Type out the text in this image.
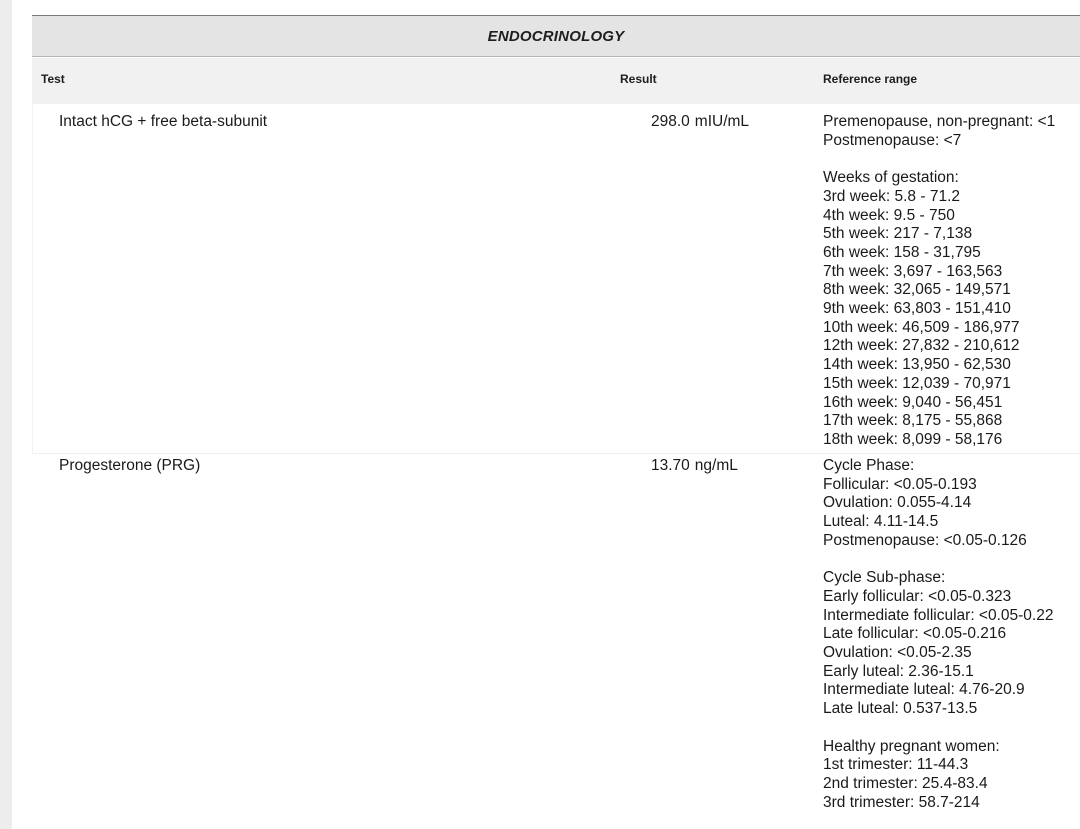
ENDOCRINOLOGY
Test	Result	Reference range
Intact hCG + free beta-subunit	298.0 mIU/mL	Premenopause, non-pregnant: <1
Postmenopause: <7
Weeks of gestation:
3rd week: 5.8 - 71.2
4th week: 9.5 - 750
5th week: 217 - 7,138
6th week: 158 - 31,795
7th week: 3,697 - 163,563
8th week: 32,065 - 149,571
9th week: 63,803 - 151,410
10th week: 46,509 - 186,977
12th week: 27,832 - 210,612
14th week: 13,950 - 62,530
15th week: 12,039 - 70,971
16th week: 9,040 - 56,451
17th week: 8,175 - 55,868
18th week: 8,099 - 58,176
Progesterone (PRG)	13.70 ng/mL	Cycle Phase:
Follicular: <0.05-0.193
Ovulation: 0.055-4.14
Luteal: 4.11-14.5
Postmenopause: <0.05-0.126
Cycle Sub-phase:
Early follicular: <0.05-0.323
Intermediate follicular: <0.05-0.22
Late follicular: <0.05-0.216
Ovulation: <0.05-2.35
Early luteal: 2.36-15.1
Intermediate luteal: 4.76-20.9
Late luteal: 0.537-13.5
Healthy pregnant women:
1st trimester: 11-44.3
2nd trimester: 25.4-83.4
3rd trimester: 58.7-214
